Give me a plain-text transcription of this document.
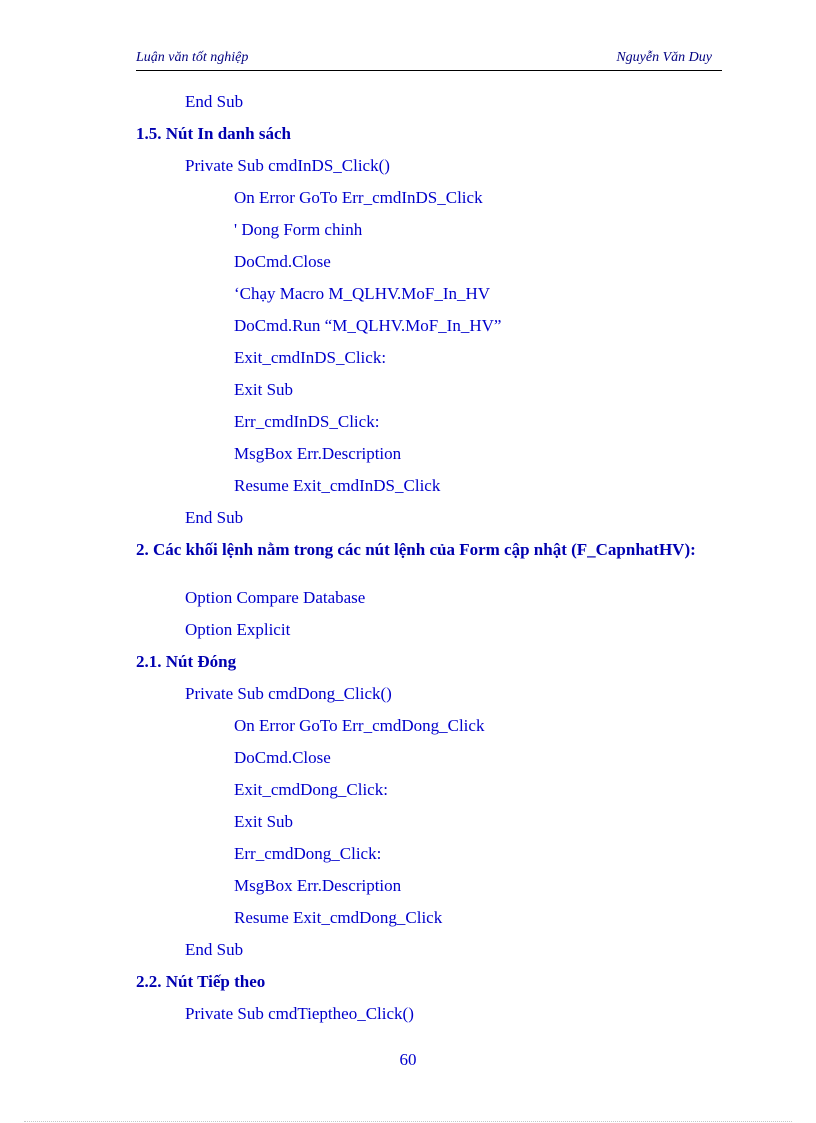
Luận văn tốt nghiệp	Nguyễn Văn Duy
End Sub
1.5. Nút In danh sách
Private Sub cmdInDS_Click()
On Error GoTo Err_cmdInDS_Click
' Dong Form chinh
DoCmd.Close
‘Chạy Macro M_QLHV.MoF_In_HV
DoCmd.Run “M_QLHV.MoF_In_HV”
Exit_cmdInDS_Click:
Exit Sub
Err_cmdInDS_Click:
MsgBox Err.Description
Resume Exit_cmdInDS_Click
End Sub
2. Các khối lệnh nằm trong các nút lệnh của Form cập nhật (F_CapnhatHV):
Option Compare Database
Option Explicit
2.1. Nút Đóng
Private Sub cmdDong_Click()
On Error GoTo Err_cmdDong_Click
DoCmd.Close
Exit_cmdDong_Click:
Exit Sub
Err_cmdDong_Click:
MsgBox Err.Description
Resume Exit_cmdDong_Click
End Sub
2.2. Nút Tiếp theo
Private Sub cmdTieptheo_Click()
60
